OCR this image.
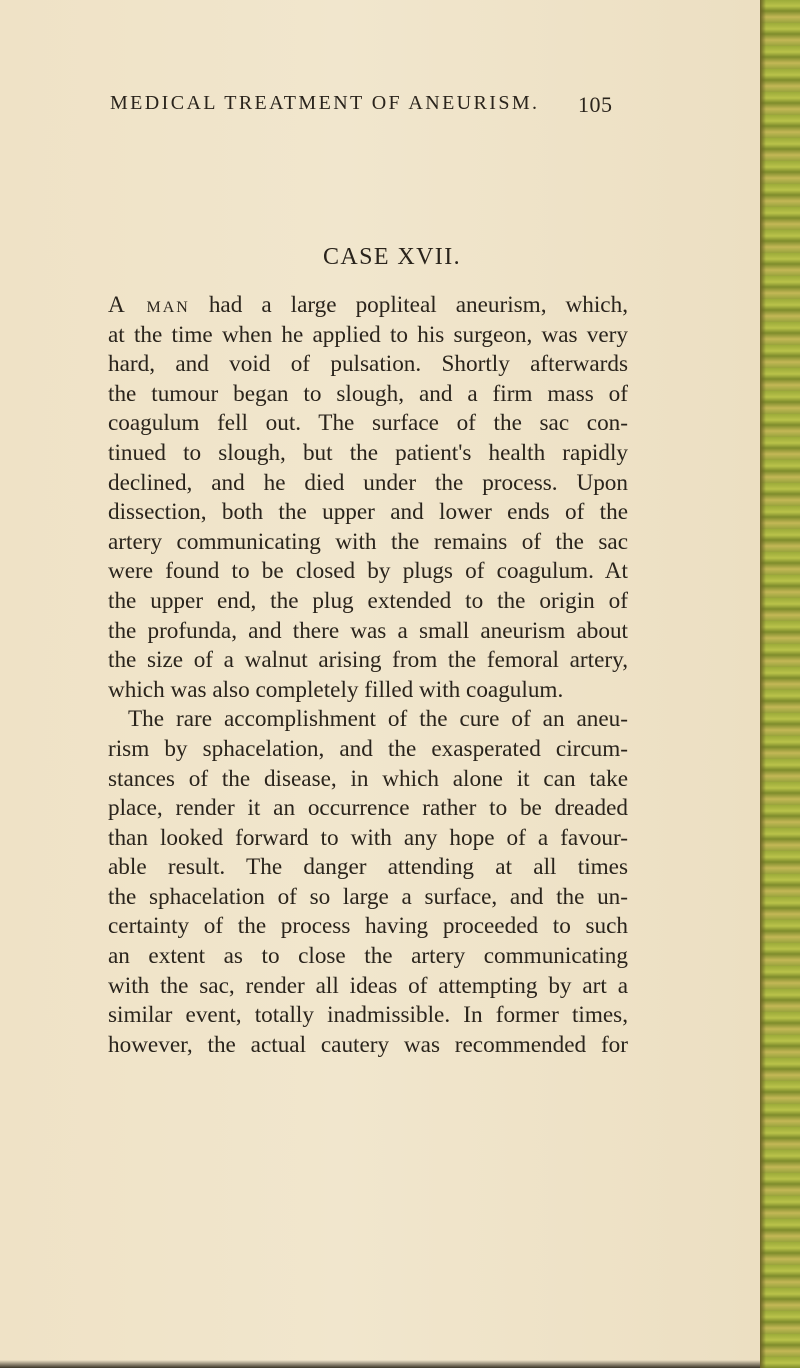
MEDICAL TREATMENT OF ANEURISM. 105
CASE XVII.
A man had a large popliteal aneurism, which,
at the time when he applied to his surgeon, was very
hard, and void of pulsation. Shortly afterwards
the tumour began to slough, and a firm mass of
coagulum fell out. The surface of the sac con-
tinued to slough, but the patient's health rapidly
declined, and he died under the process. Upon
dissection, both the upper and lower ends of the
artery communicating with the remains of the sac
were found to be closed by plugs of coagulum. At
the upper end, the plug extended to the origin of
the profunda, and there was a small aneurism about
the size of a walnut arising from the femoral artery,
which was also completely filled with coagulum.
The rare accomplishment of the cure of an aneu-
rism by sphacelation, and the exasperated circum-
stances of the disease, in which alone it can take
place, render it an occurrence rather to be dreaded
than looked forward to with any hope of a favour-
able result. The danger attending at all times
the sphacelation of so large a surface, and the un-
certainty of the process having proceeded to such
an extent as to close the artery communicating
with the sac, render all ideas of attempting by art a
similar event, totally inadmissible. In former times,
however, the actual cautery was recommended for
